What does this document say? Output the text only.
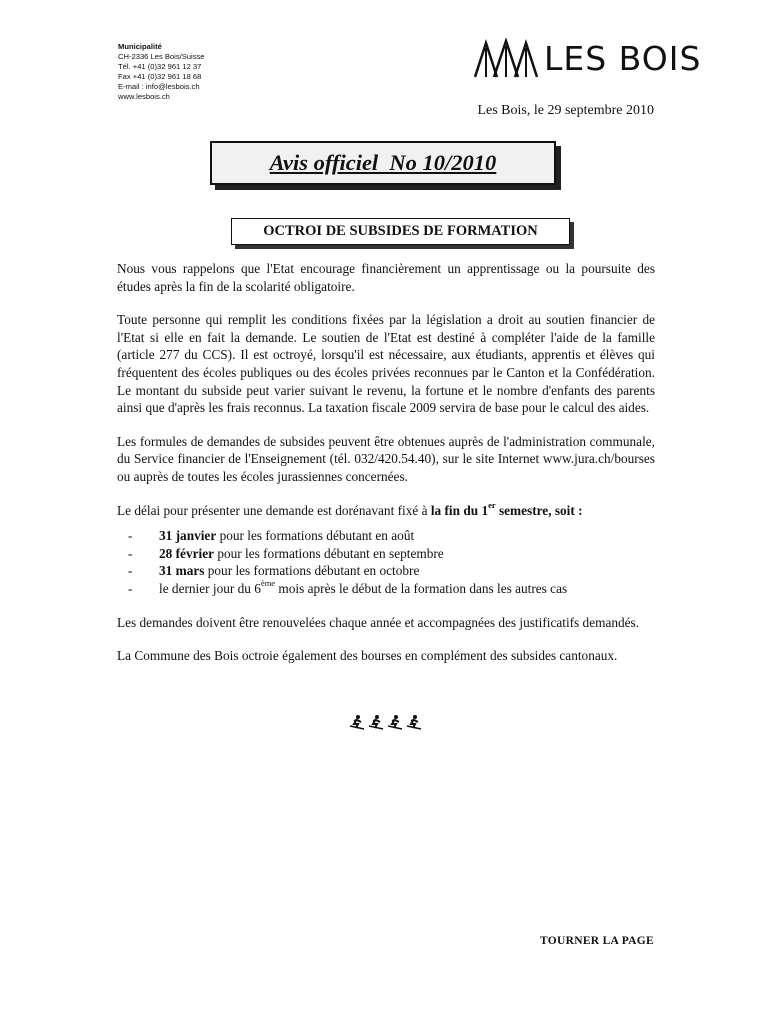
Municipalité
CH-2336 Les Bois/Suisse
Tél. +41 (0)32 961 12 37
Fax +41 (0)32 961 18 68
E-mail : info@lesbois.ch
www.lesbois.ch
LES BOIS
Les Bois, le 29 septembre 2010
Avis officiel  No 10/2010
OCTROI DE SUBSIDES DE FORMATION

Nous vous rappelons que l'Etat encourage financièrement un apprentissage ou la poursuite des études après la fin de la scolarité obligatoire.

Toute personne qui remplit les conditions fixées par la législation a droit au soutien financier de l'Etat si elle en fait la demande. Le soutien de l'Etat est destiné à compléter l'aide de la famille (article 277 du CCS). Il est octroyé, lorsqu'il est nécessaire, aux étudiants, apprentis et élèves qui fréquentent des écoles publiques ou des écoles privées reconnues par le Canton et la Confédération. Le montant du subside peut varier suivant le revenu, la fortune et le nombre d'enfants des parents ainsi que d'après les frais reconnus. La taxation fiscale 2009 servira de base pour le calcul des aides.

Les formules de demandes de subsides peuvent être obtenues auprès de l'administration communale, du Service financier de l'Enseignement (tél. 032/420.54.40), sur le site Internet www.jura.ch/bourses ou auprès de toutes les écoles jurassiennes concernées.

Le délai pour présenter une demande est dorénavant fixé à la fin du 1er semestre, soit :

- 31 janvier pour les formations débutant en août
- 28 février pour les formations débutant en septembre
- 31 mars pour les formations débutant en octobre
- le dernier jour du 6ème mois après le début de la formation dans les autres cas

Les demandes doivent être renouvelées chaque année et accompagnées des justificatifs demandés.

La Commune des Bois octroie également des bourses en complément des subsides cantonaux.

TOURNER LA PAGE
